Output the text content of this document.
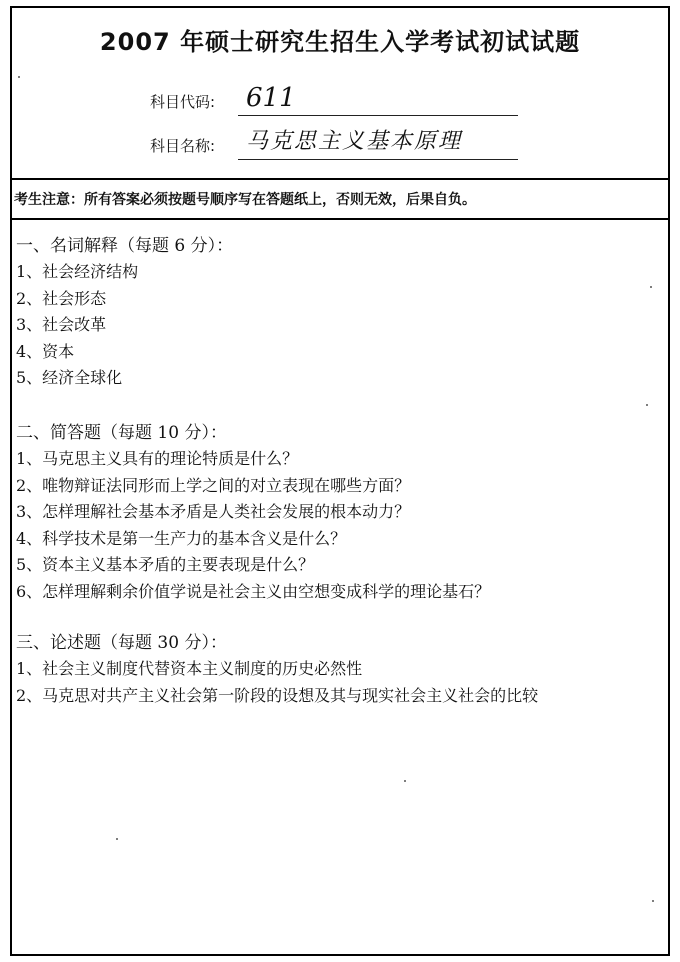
2007 年硕士研究生招生入学考试初试试题
科目代码:	611
科目名称:	马克思主义基本原理
考生注意：所有答案必须按题号顺序写在答题纸上，否则无效，后果自负。
一、名词解释（每题 6 分）：
1、社会经济结构
2、社会形态
3、社会改革
4、资本
5、经济全球化
二、简答题（每题 10 分）：
1、马克思主义具有的理论特质是什么？
2、唯物辩证法同形而上学之间的对立表现在哪些方面？
3、怎样理解社会基本矛盾是人类社会发展的根本动力？
4、科学技术是第一生产力的基本含义是什么？
5、资本主义基本矛盾的主要表现是什么？
6、怎样理解剩余价值学说是社会主义由空想变成科学的理论基石？
三、论述题（每题 30 分）：
1、社会主义制度代替资本主义制度的历史必然性
2、马克思对共产主义社会第一阶段的设想及其与现实社会主义社会的比较
